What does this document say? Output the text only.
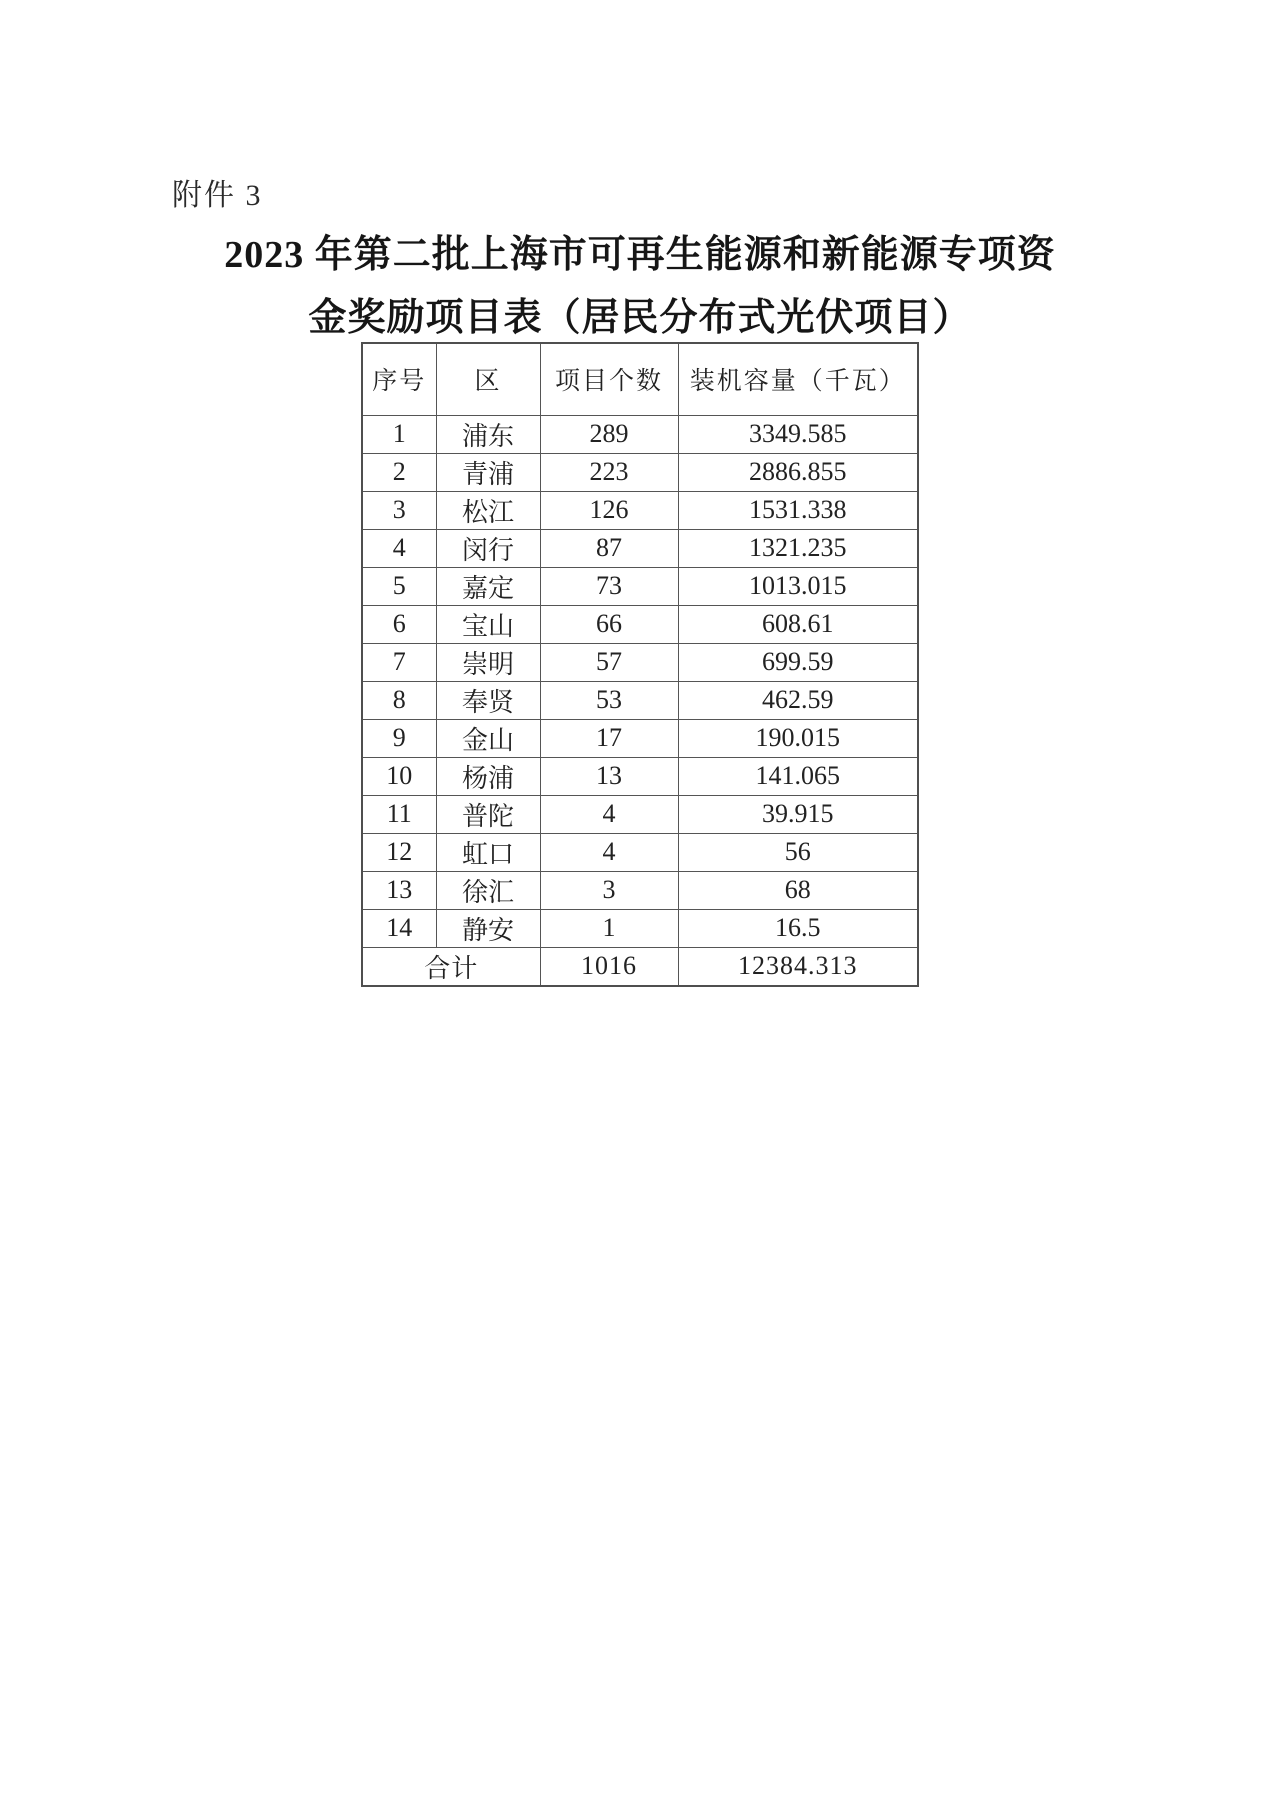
附件 3
2023 年第二批上海市可再生能源和新能源专项资
金奖励项目表（居民分布式光伏项目）
序号	区	项目个数	装机容量（千瓦）
1	浦东	289	3349.585
2	青浦	223	2886.855
3	松江	126	1531.338
4	闵行	87	1321.235
5	嘉定	73	1013.015
6	宝山	66	608.61
7	崇明	57	699.59
8	奉贤	53	462.59
9	金山	17	190.015
10	杨浦	13	141.065
11	普陀	4	39.915
12	虹口	4	56
13	徐汇	3	68
14	静安	1	16.5
合计		1016	12384.313
